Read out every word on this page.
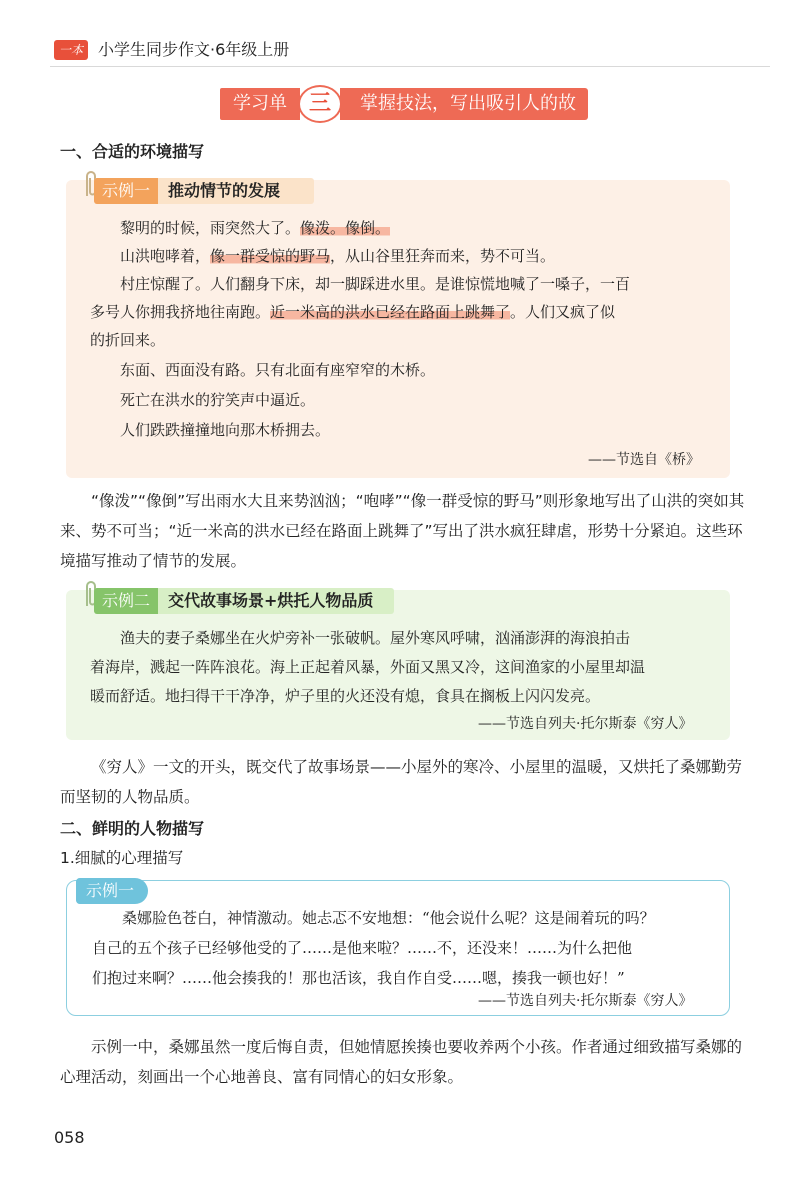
一本 小学生同步作文·6年级上册
学习单	掌握技法，写出吸引人的故事
三
一、合适的环境描写
示例一 推动情节的发展
黎明的时候，雨突然大了。像泼。像倒。
山洪咆哮着，像一群受惊的野马，从山谷里狂奔而来，势不可当。
村庄惊醒了。人们翻身下床，却一脚踩进水里。是谁惊慌地喊了一嗓子，一百
多号人你拥我挤地往南跑。近一米高的洪水已经在路面上跳舞了。人们又疯了似
的折回来。
东面、西面没有路。只有北面有座窄窄的木桥。
死亡在洪水的狞笑声中逼近。
人们跌跌撞撞地向那木桥拥去。
——节选自《桥》
“像泼”“像倒”写出雨水大且来势汹汹；“咆哮”“像一群受惊的野马”则形象地写出了山洪的突如其来、势不可当；“近一米高的洪水已经在路面上跳舞了”写出了洪水疯狂肆虐，形势十分紧迫。这些环境描写推动了情节的发展。
示例二 交代故事场景+烘托人物品质
渔夫的妻子桑娜坐在火炉旁补一张破帆。屋外寒风呼啸，汹涌澎湃的海浪拍击
着海岸，溅起一阵阵浪花。海上正起着风暴，外面又黑又冷，这间渔家的小屋里却温
暖而舒适。地扫得干干净净，炉子里的火还没有熄，食具在搁板上闪闪发亮。
——节选自列夫·托尔斯泰《穷人》
《穷人》一文的开头，既交代了故事场景——小屋外的寒冷、小屋里的温暖，又烘托了桑娜勤劳而坚韧的人物品质。
二、鲜明的人物描写
1.细腻的心理描写
示例一
桑娜脸色苍白，神情激动。她忐忑不安地想：“他会说什么呢？这是闹着玩的吗？
自己的五个孩子已经够他受的了……是他来啦？……不，还没来！……为什么把他
们抱过来啊？……他会揍我的！那也活该，我自作自受……嗯，揍我一顿也好！”
——节选自列夫·托尔斯泰《穷人》
示例一中，桑娜虽然一度后悔自责，但她情愿挨揍也要收养两个小孩。作者通过细致描写桑娜的心理活动，刻画出一个心地善良、富有同情心的妇女形象。
058
